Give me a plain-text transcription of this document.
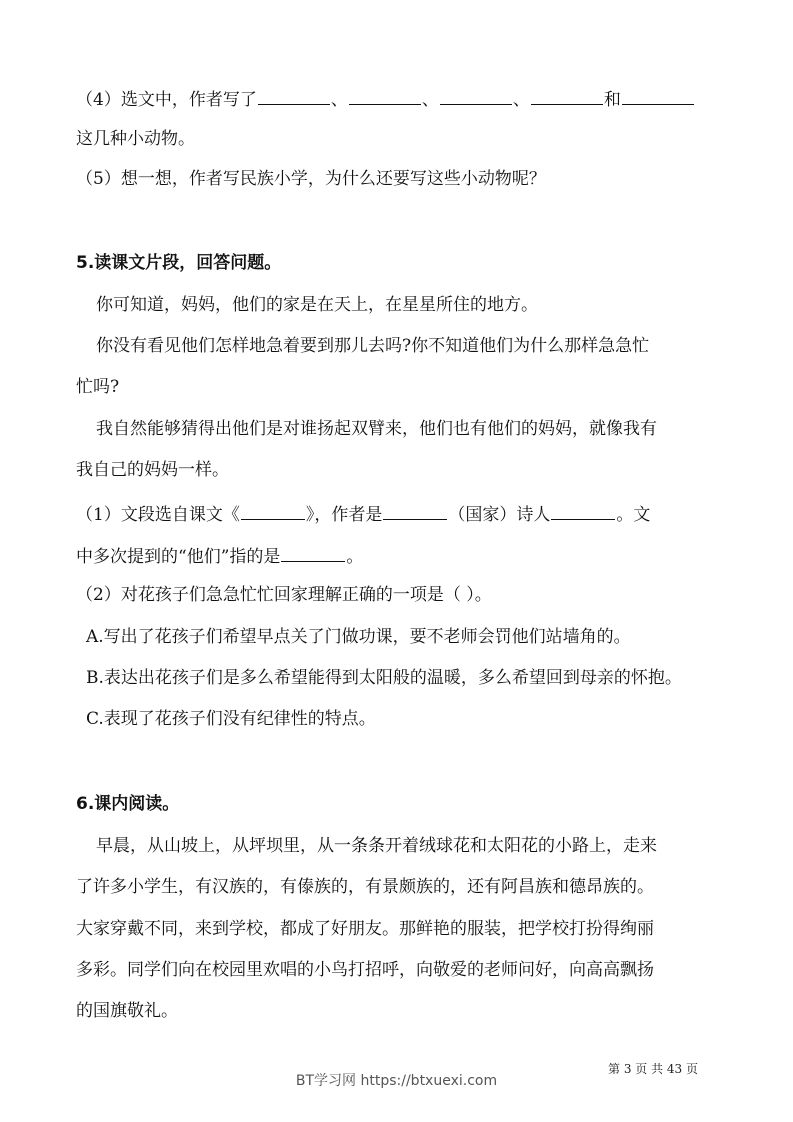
（4）选文中，作者写了	、	、	、	和
这几种小动物。
（5）想一想，作者写民族小学，为什么还要写这些小动物呢？
5.读课文片段，回答问题。
你可知道，妈妈，他们的家是在天上，在星星所住的地方。
你没有看见他们怎样地急着要到那儿去吗?你不知道他们为什么那样急急忙
忙吗?
我自然能够猜得出他们是对谁扬起双臂来，他们也有他们的妈妈，就像我有
我自己的妈妈一样。
（1）文段选自课文《	》，作者是	（国家）诗人	。文
中多次提到的“他们”指的是	。
（2）对花孩子们急急忙忙回家理解正确的一项是（ ）。
A.写出了花孩子们希望早点关了门做功课，要不老师会罚他们站墙角的。
B.表达出花孩子们是多么希望能得到太阳般的温暖，多么希望回到母亲的怀抱。
C.表现了花孩子们没有纪律性的特点。
6.课内阅读。
早晨，从山坡上，从坪坝里，从一条条开着绒球花和太阳花的小路上，走来
了许多小学生，有汉族的，有傣族的，有景颇族的，还有阿昌族和德昂族的。
大家穿戴不同，来到学校，都成了好朋友。那鲜艳的服装，把学校打扮得绚丽
多彩。同学们向在校园里欢唱的小鸟打招呼，向敬爱的老师问好，向高高飘扬
的国旗敬礼。
第 3 页 共 43 页
BT学习网 https://btxuexi.com
